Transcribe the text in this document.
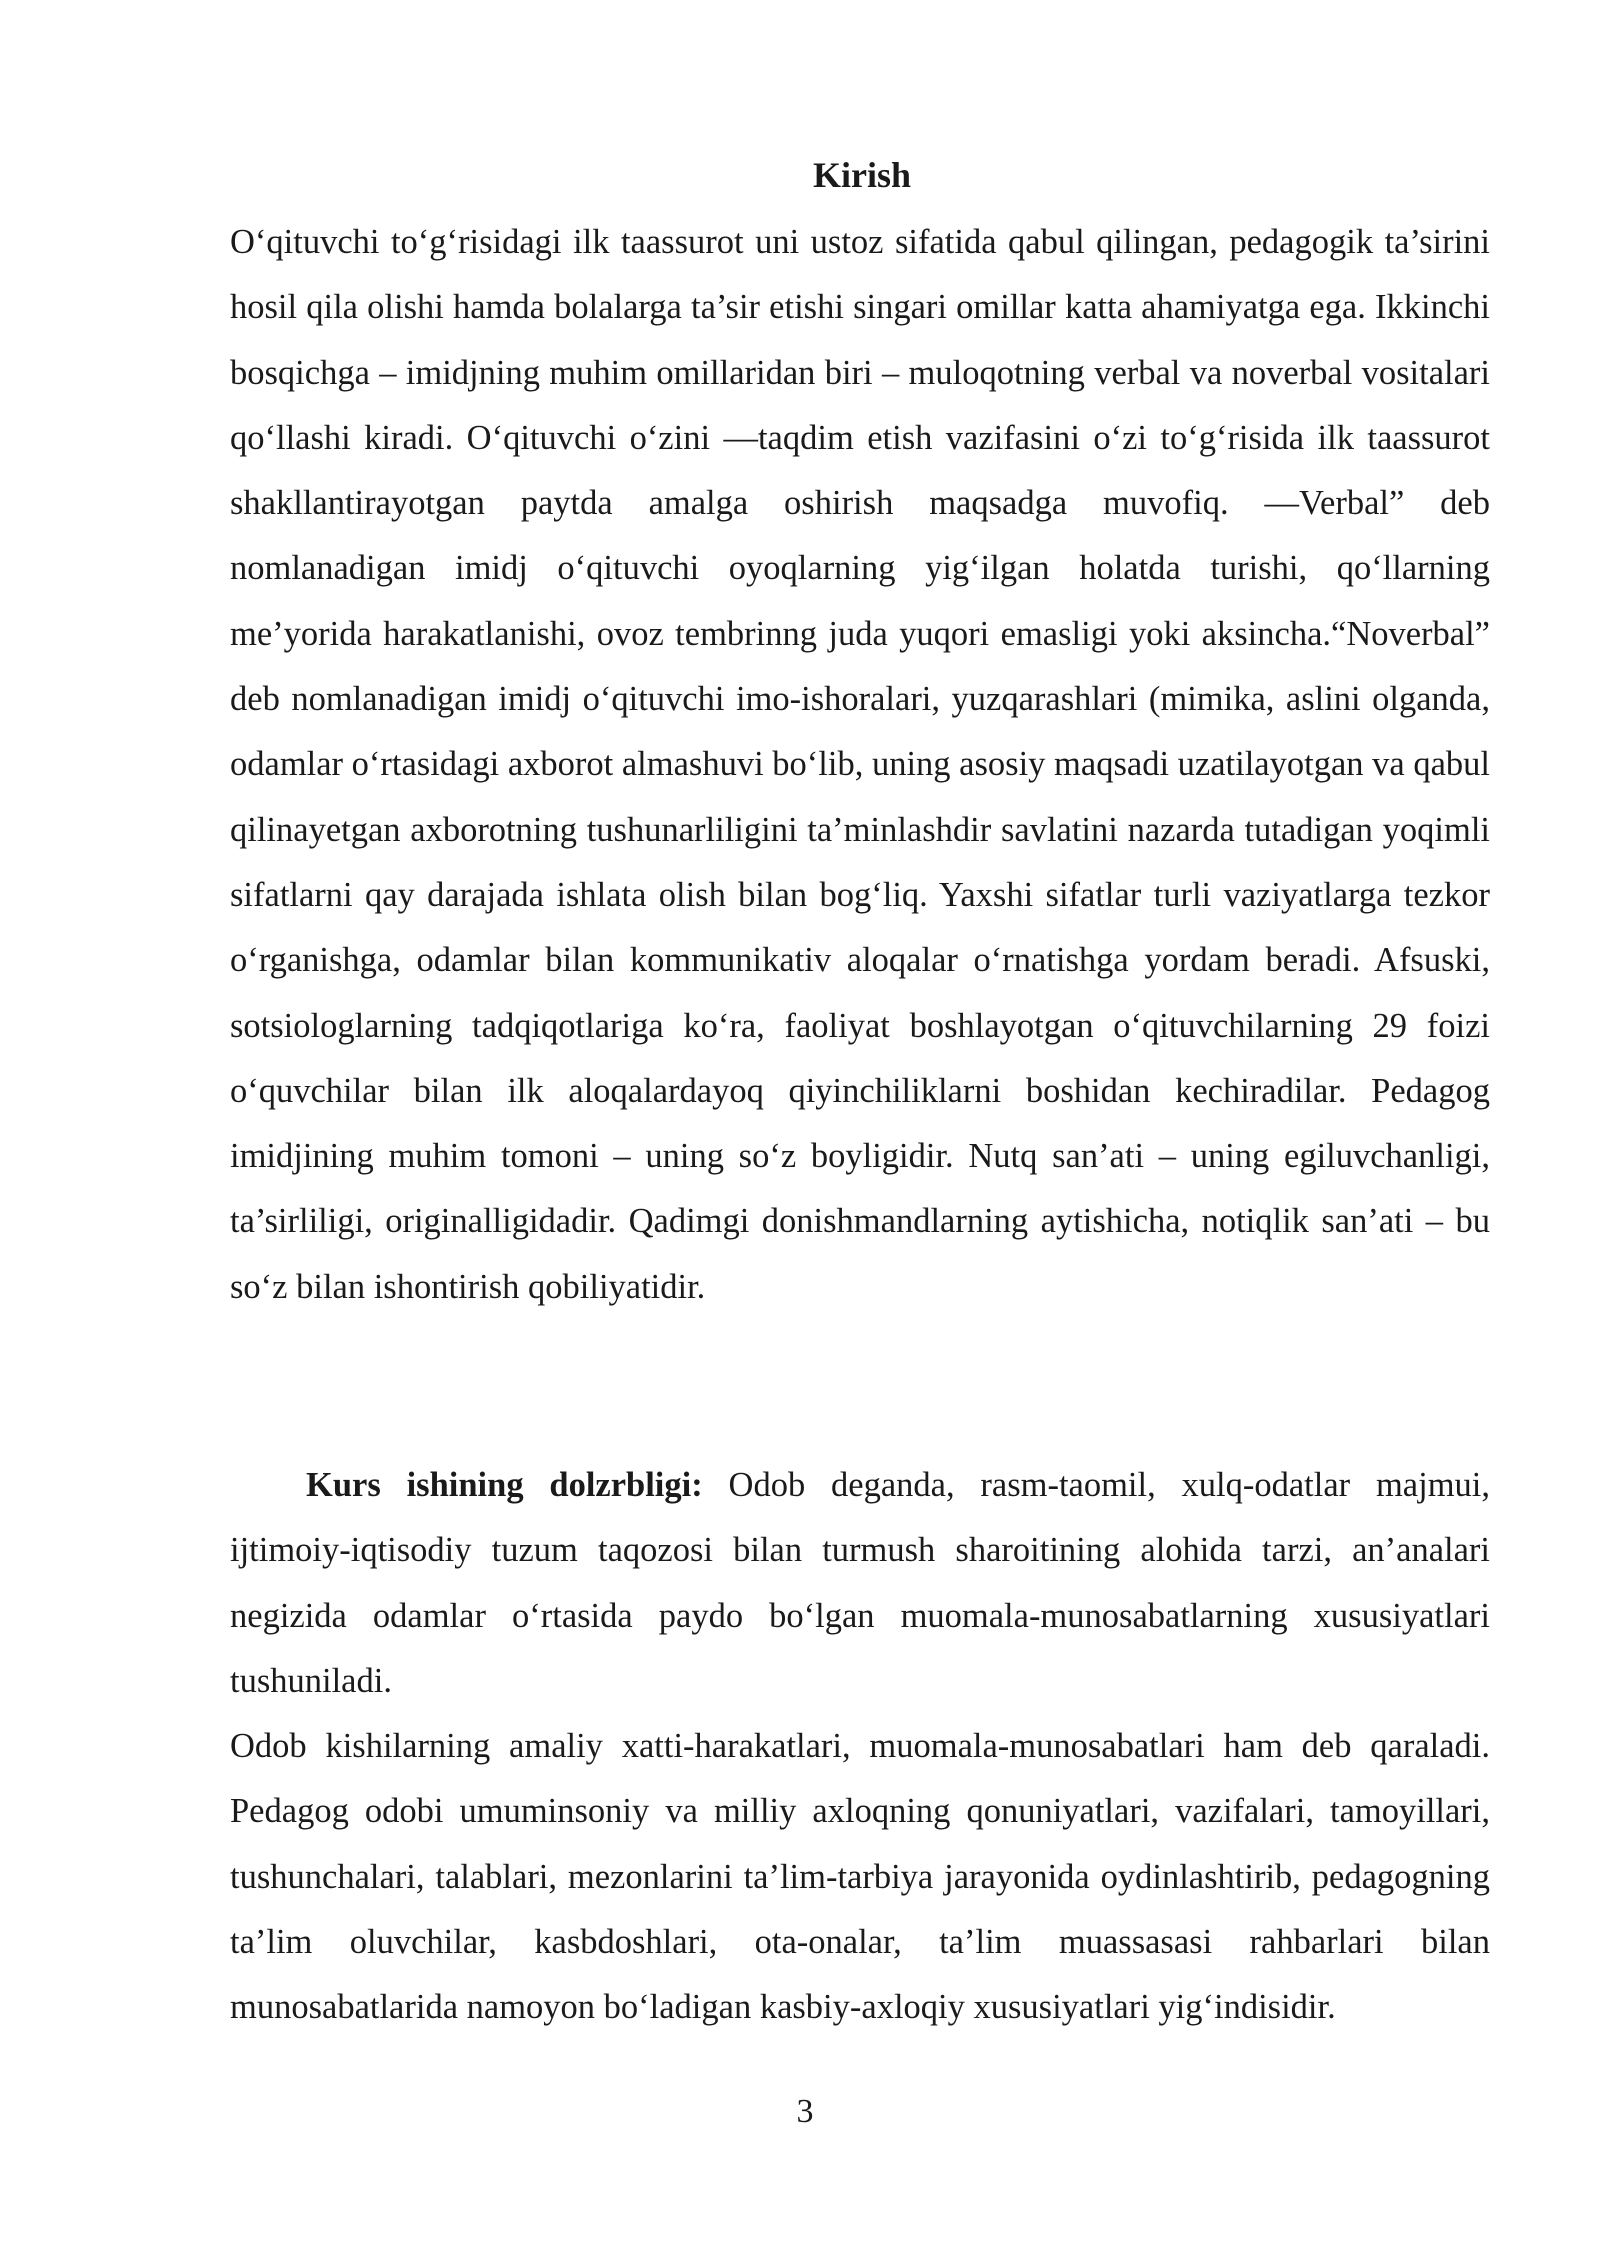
Kirish

O‘qituvchi to‘g‘risidagi ilk taassurot uni ustoz sifatida qabul qilingan, pedagogik ta’sirini hosil qila olishi hamda bolalarga ta’sir etishi singari omillar katta ahamiyatga ega. Ikkinchi bosqichga – imidjning muhim omillaridan biri – muloqotning verbal va noverbal vositalari qo‘llashi kiradi. O‘qituvchi o‘zini ―taqdim etish vazifasini o‘zi to‘g‘risida ilk taassurot shakllantirayotgan paytda amalga oshirish maqsadga muvofiq. ―Verbal” deb nomlanadigan imidj o‘qituvchi oyoqlarning yig‘ilgan holatda turishi, qo‘llarning me’yorida harakatlanishi, ovoz tembrinng juda yuqori emasligi yoki aksincha.“Noverbal” deb nomlanadigan imidj o‘qituvchi imo-ishoralari, yuzqarashlari (mimika, aslini olganda, odamlar o‘rtasidagi axborot almashuvi bo‘lib, uning asosiy maqsadi uzatilayotgan va qabul qilinayetgan axborotning tushunarliligini ta’minlashdir savlatini nazarda tutadigan yoqimli sifatlarni qay darajada ishlata olish bilan bog‘liq. Yaxshi sifatlar turli vaziyatlarga tezkor o‘rganishga, odamlar bilan kommunikativ aloqalar o‘rnatishga yordam beradi. Afsuski, sotsiologlarning tadqiqotlariga ko‘ra, faoliyat boshlayotgan o‘qituvchilarning 29 foizi o‘quvchilar bilan ilk aloqalardayoq qiyinchiliklarni boshidan kechiradilar. Pedagog imidjining muhim tomoni – uning so‘z boyligidir. Nutq san’ati – uning egiluvchanligi, ta’sirliligi, originalligidadir. Qadimgi donishmandlarning aytishicha, notiqlik san’ati – bu so‘z bilan ishontirish qobiliyatidir.

Kurs ishining dolzrbligi: Odob deganda, rasm-taomil, xulq-odatlar majmui, ijtimoiy-iqtisodiy tuzum taqozosi bilan turmush sharoitining alohida tarzi, an’analari negizida odamlar o‘rtasida paydo bo‘lgan muomala-munosabatlarning xususiyatlari tushuniladi.

Odob kishilarning amaliy xatti-harakatlari, muomala-munosabatlari ham deb qaraladi. Pedagog odobi umuminsoniy va milliy axloqning qonuniyatlari, vazifalari, tamoyillari, tushunchalari, talablari, mezonlarini ta’lim-tarbiya jarayonida oydinlashtirib, pedagogning ta’lim oluvchilar, kasbdoshlari, ota-onalar, ta’lim muassasasi rahbarlari bilan munosabatlarida namoyon bo‘ladigan kasbiy-axloqiy xususiyatlari yig‘indisidir.

3
